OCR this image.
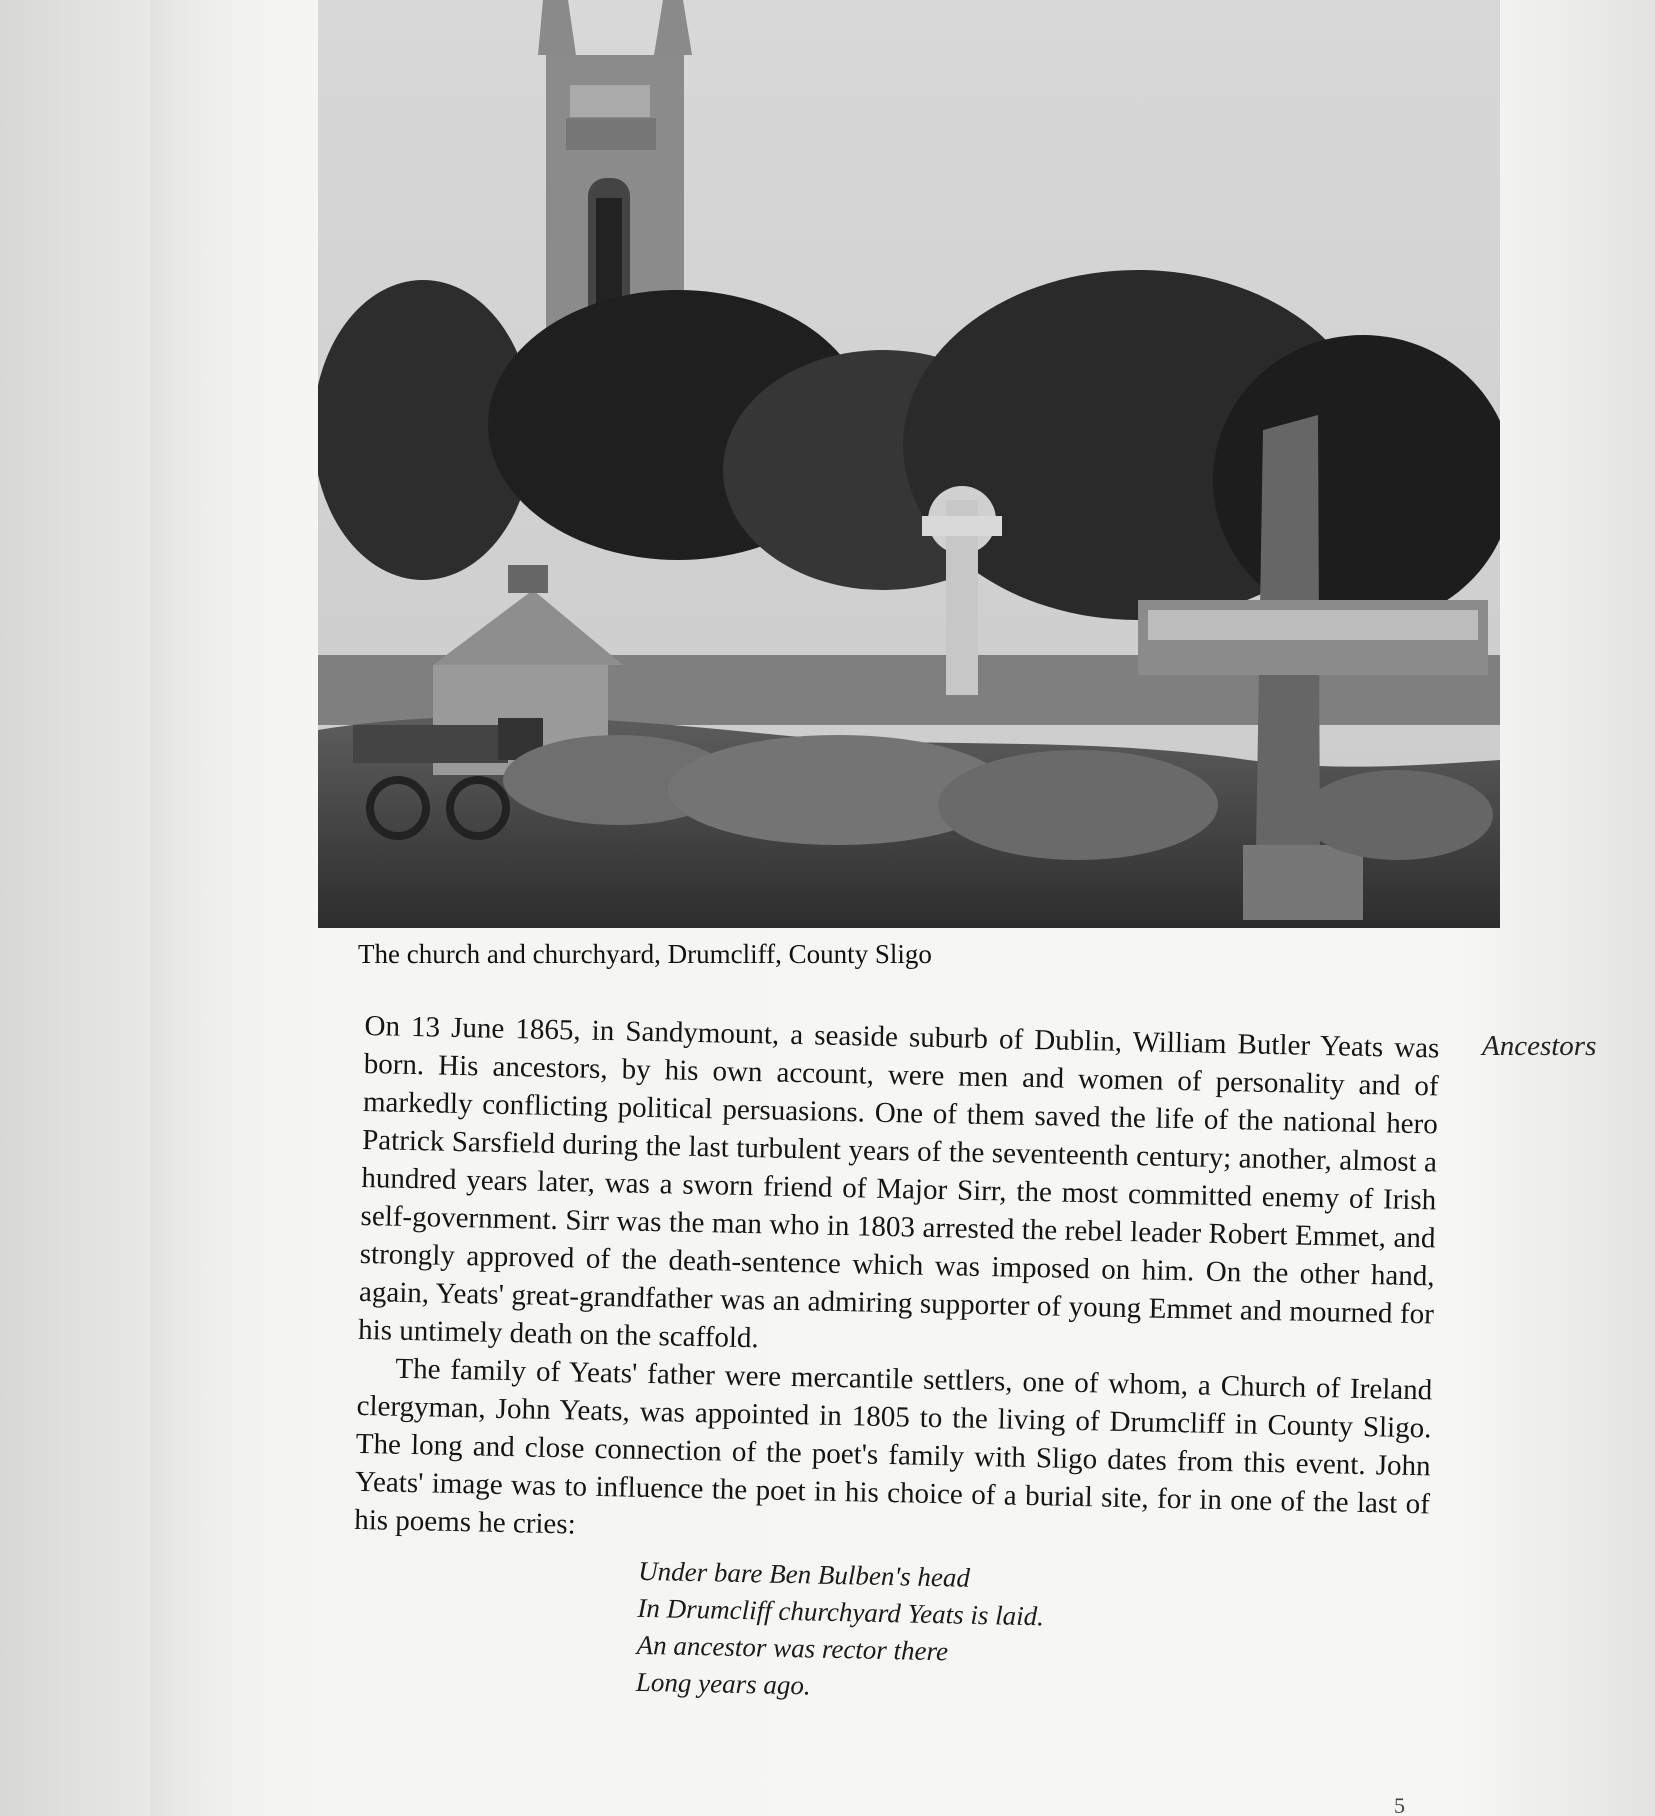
The church and churchyard, Drumcliff, County Sligo
Ancestors

On 13 June 1865, in Sandymount, a seaside suburb of Dublin, William Butler Yeats was born. His ancestors, by his own account, were men and women of personality and of markedly conflicting political persuasions. One of them saved the life of the national hero Patrick Sarsfield during the last turbulent years of the seventeenth century; another, almost a hundred years later, was a sworn friend of Major Sirr, the most committed enemy of Irish self-government. Sirr was the man who in 1803 arrested the rebel leader Robert Emmet, and strongly approved of the death-sentence which was imposed on him. On the other hand, again, Yeats' great-grandfather was an admiring supporter of young Emmet and mourned for his untimely death on the scaffold.

The family of Yeats' father were mercantile settlers, one of whom, a Church of Ireland clergyman, John Yeats, was appointed in 1805 to the living of Drumcliff in County Sligo. The long and close connection of the poet's family with Sligo dates from this event. John Yeats' image was to influence the poet in his choice of a burial site, for in one of the last of his poems he cries:

Under bare Ben Bulben's head
In Drumcliff churchyard Yeats is laid.
An ancestor was rector there
Long years ago.
5
